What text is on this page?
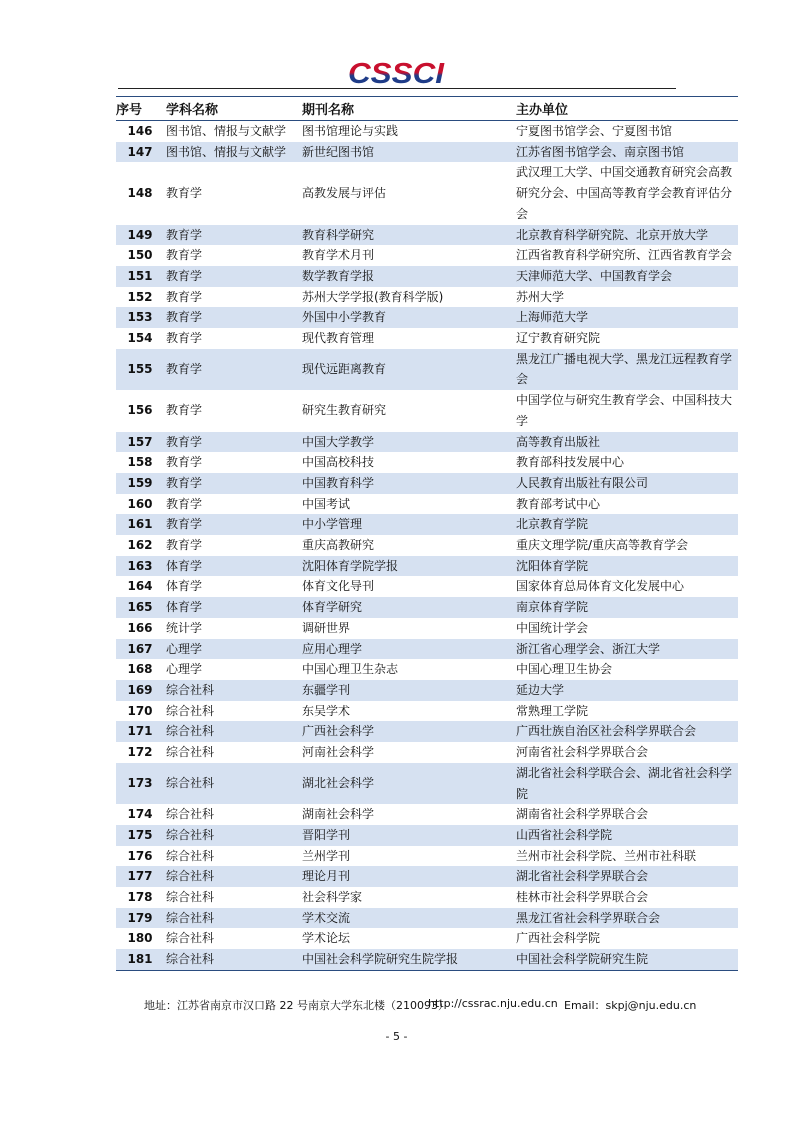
CSSCI
序号	学科名称	期刊名称	主办单位
146	图书馆、情报与文献学	图书馆理论与实践	宁夏图书馆学会、宁夏图书馆
147	图书馆、情报与文献学	新世纪图书馆	江苏省图书馆学会、南京图书馆
148	教育学	高教发展与评估	武汉理工大学、中国交通教育研究会高教研究分会、中国高等教育学会教育评估分会
149	教育学	教育科学研究	北京教育科学研究院、北京开放大学
150	教育学	教育学术月刊	江西省教育科学研究所、江西省教育学会
151	教育学	数学教育学报	天津师范大学、中国教育学会
152	教育学	苏州大学学报(教育科学版)	苏州大学
153	教育学	外国中小学教育	上海师范大学
154	教育学	现代教育管理	辽宁教育研究院
155	教育学	现代远距离教育	黑龙江广播电视大学、黑龙江远程教育学会
156	教育学	研究生教育研究	中国学位与研究生教育学会、中国科技大学
157	教育学	中国大学教学	高等教育出版社
158	教育学	中国高校科技	教育部科技发展中心
159	教育学	中国教育科学	人民教育出版社有限公司
160	教育学	中国考试	教育部考试中心
161	教育学	中小学管理	北京教育学院
162	教育学	重庆高教研究	重庆文理学院/重庆高等教育学会
163	体育学	沈阳体育学院学报	沈阳体育学院
164	体育学	体育文化导刊	国家体育总局体育文化发展中心
165	体育学	体育学研究	南京体育学院
166	统计学	调研世界	中国统计学会
167	心理学	应用心理学	浙江省心理学会、浙江大学
168	心理学	中国心理卫生杂志	中国心理卫生协会
169	综合社科	东疆学刊	延边大学
170	综合社科	东吴学术	常熟理工学院
171	综合社科	广西社会科学	广西壮族自治区社会科学界联合会
172	综合社科	河南社会科学	河南省社会科学界联合会
173	综合社科	湖北社会科学	湖北省社会科学联合会、湖北省社会科学院
174	综合社科	湖南社会科学	湖南省社会科学界联合会
175	综合社科	晋阳学刊	山西省社会科学院
176	综合社科	兰州学刊	兰州市社会科学院、兰州市社科联
177	综合社科	理论月刊	湖北省社会科学界联合会
178	综合社科	社会科学家	桂林市社会科学界联合会
179	综合社科	学术交流	黑龙江省社会科学界联合会
180	综合社科	学术论坛	广西社会科学院
181	综合社科	中国社会科学院研究生院学报	中国社会科学院研究生院
地址：江苏省南京市汉口路 22 号南京大学东北楼（210093）
http://cssrac.nju.edu.cn Email：skpj@nju.edu.cn
- 5 -
